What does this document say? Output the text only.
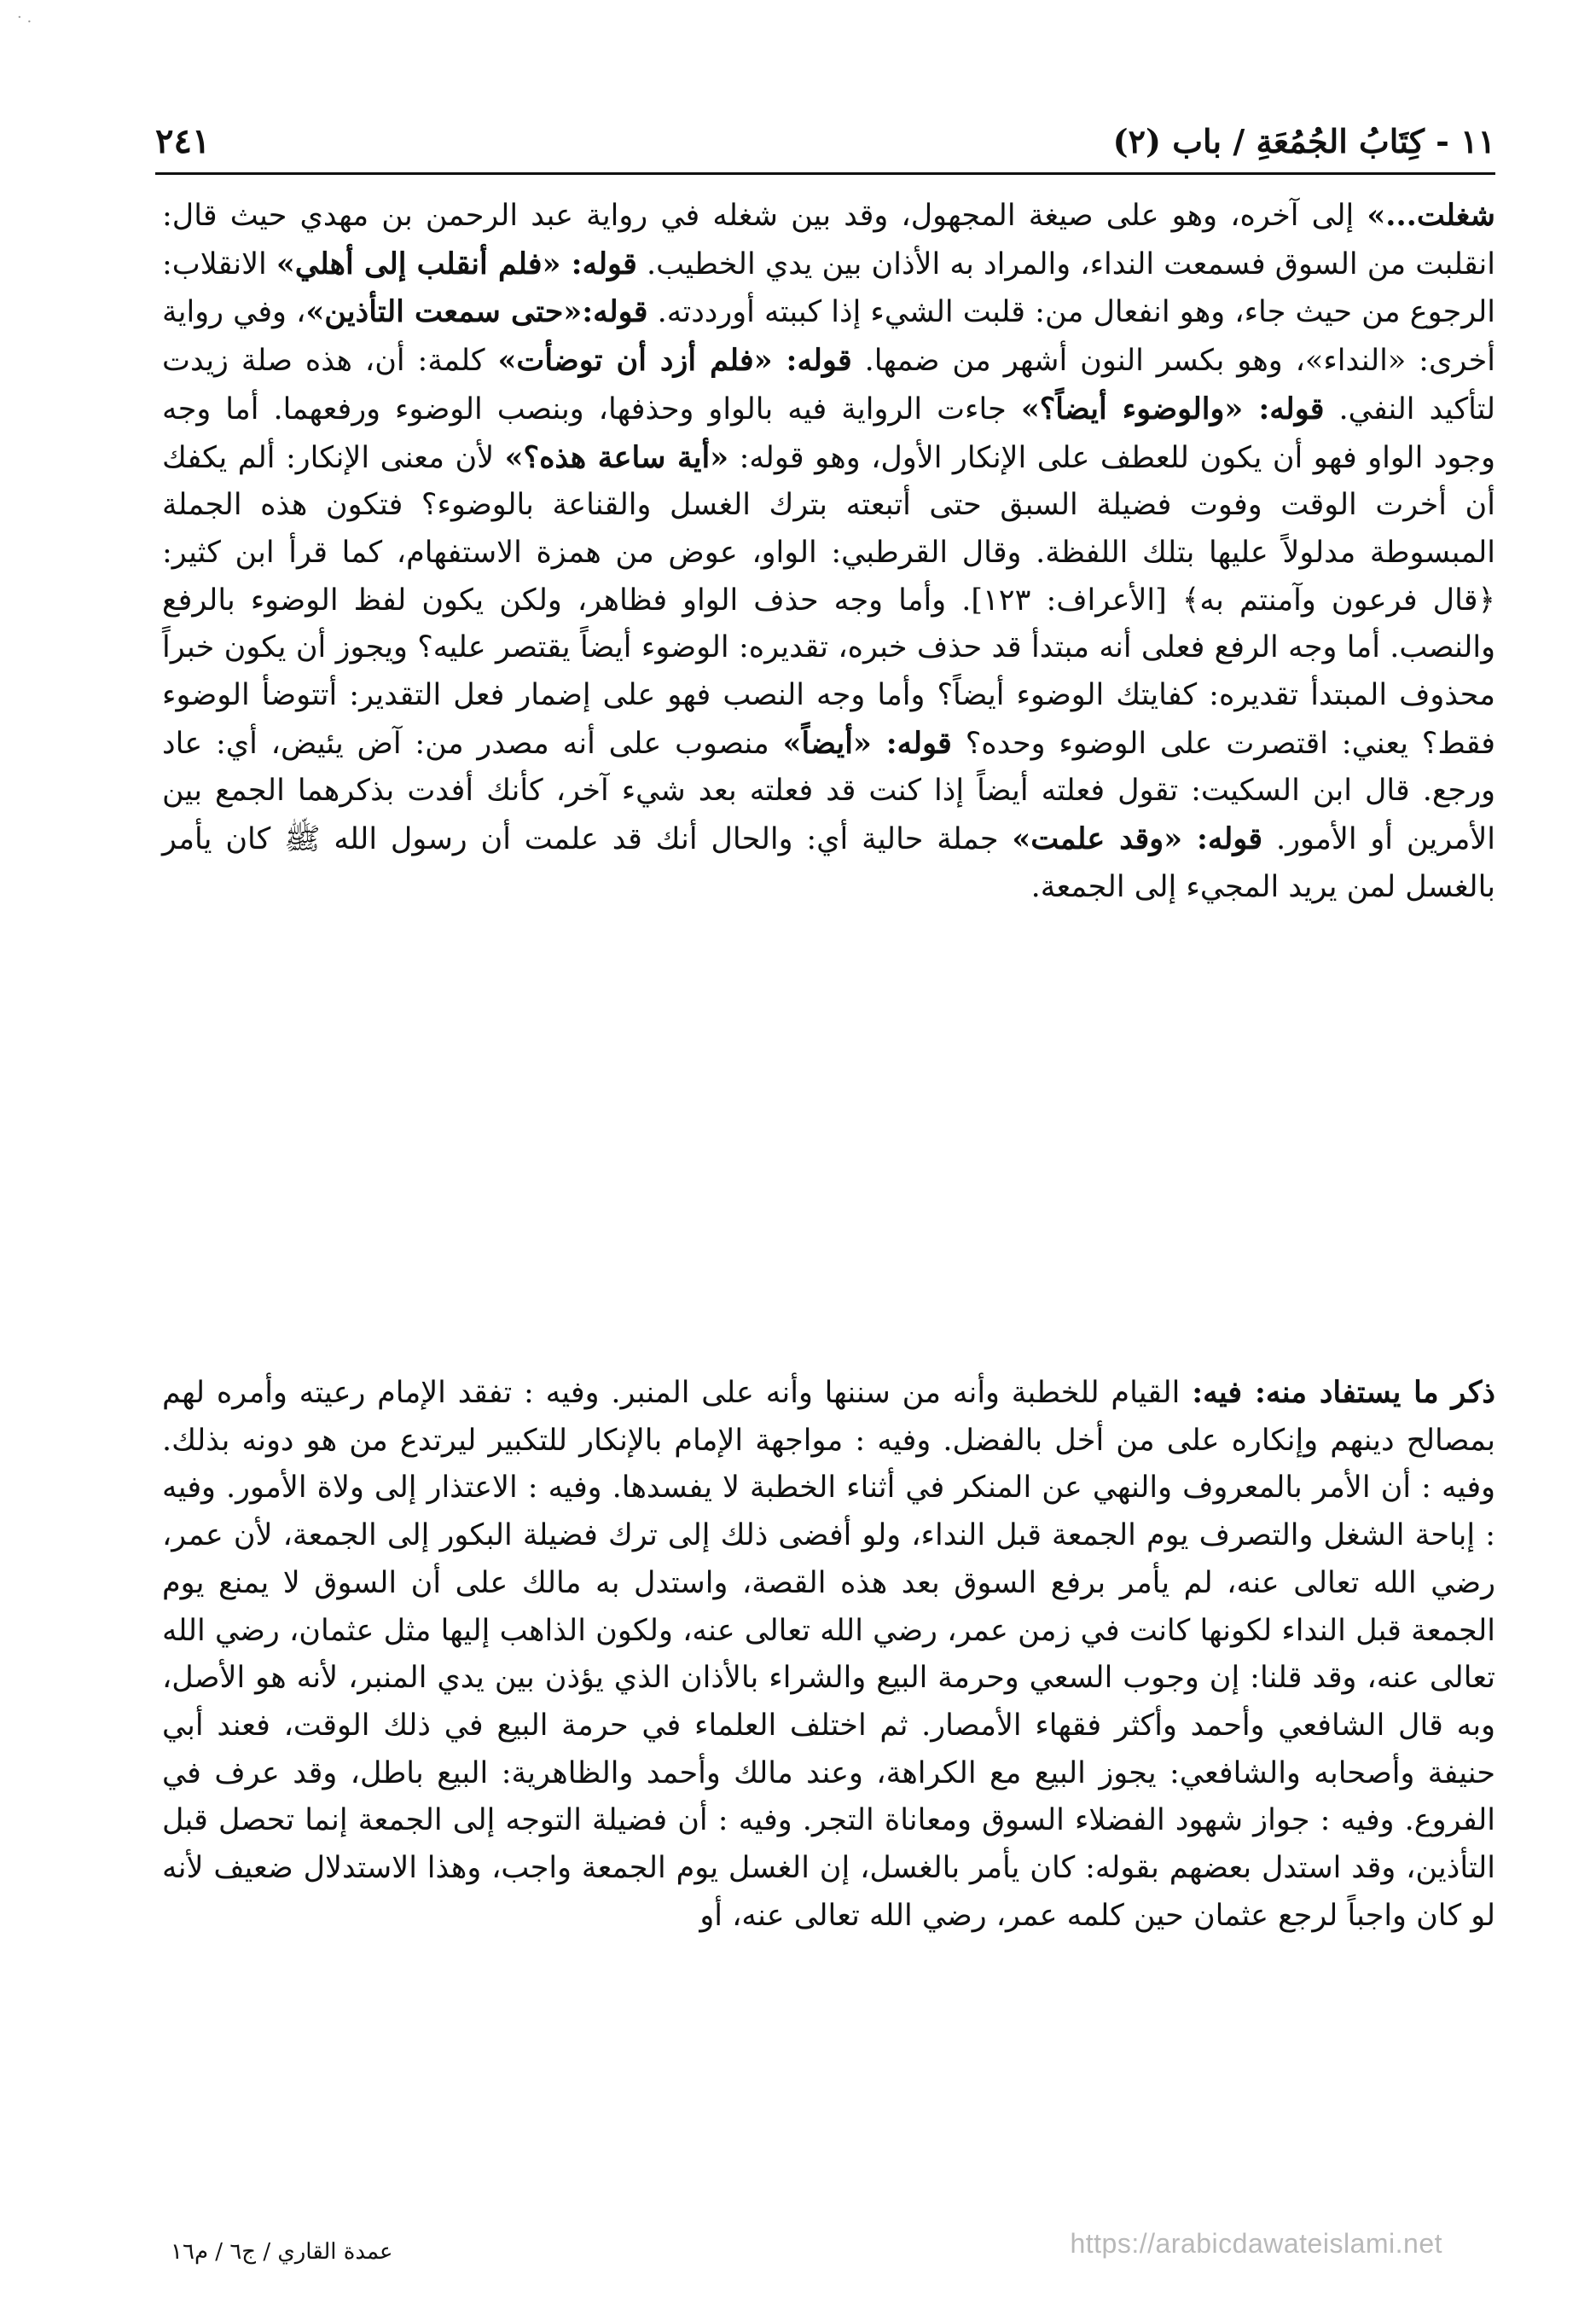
· .
١١ - كِتَابُ الجُمُعَةِ / باب (٢)
٢٤١

شغلت...» إلى آخره، وهو على صيغة المجهول، وقد بين شغله في رواية عبد الرحمن بن مهدي حيث قال: انقلبت من السوق فسمعت النداء، والمراد به الأذان بين يدي الخطيب. قوله: «فلم أنقلب إلى أهلي» الانقلاب: الرجوع من حيث جاء، وهو انفعال من: قلبت الشيء إذا كببته أورددته. قوله:«حتى سمعت التأذين»، وفي رواية أخرى: «النداء»، وهو بكسر النون أشهر من ضمها. قوله: «فلم أزد أن توضأت» كلمة: أن، هذه صلة زيدت لتأكيد النفي. قوله: «والوضوء أيضاً؟» جاءت الرواية فيه بالواو وحذفها، وبنصب الوضوء ورفعهما. أما وجه وجود الواو فهو أن يكون للعطف على الإنكار الأول، وهو قوله: «أية ساعة هذه؟» لأن معنى الإنكار: ألم يكفك أن أخرت الوقت وفوت فضيلة السبق حتى أتبعته بترك الغسل والقناعة بالوضوء؟ فتكون هذه الجملة المبسوطة مدلولاً عليها بتلك اللفظة. وقال القرطبي: الواو، عوض من همزة الاستفهام، كما قرأ ابن كثير: ﴿قال فرعون وآمنتم به﴾ [الأعراف: ١٢٣]. وأما وجه حذف الواو فظاهر، ولكن يكون لفظ الوضوء بالرفع والنصب. أما وجه الرفع فعلى أنه مبتدأ قد حذف خبره، تقديره: الوضوء أيضاً يقتصر عليه؟ ويجوز أن يكون خبراً محذوف المبتدأ تقديره: كفايتك الوضوء أيضاً؟ وأما وجه النصب فهو على إضمار فعل التقدير: أتتوضأ الوضوء فقط؟ يعني: اقتصرت على الوضوء وحده؟ قوله: «أيضاً» منصوب على أنه مصدر من: آض يئيض، أي: عاد ورجع. قال ابن السكيت: تقول فعلته أيضاً إذا كنت قد فعلته بعد شيء آخر، كأنك أفدت بذكرهما الجمع بين الأمرين أو الأمور. قوله: «وقد علمت» جملة حالية أي: والحال أنك قد علمت أن رسول الله ﷺ كان يأمر بالغسل لمن يريد المجيء إلى الجمعة.

ذكر ما يستفاد منه: فيه: القيام للخطبة وأنه من سننها وأنه على المنبر. وفيه : تفقد الإمام رعيته وأمره لهم بمصالح دينهم وإنكاره على من أخل بالفضل. وفيه : مواجهة الإمام بالإنكار للتكبير ليرتدع من هو دونه بذلك. وفيه : أن الأمر بالمعروف والنهي عن المنكر في أثناء الخطبة لا يفسدها. وفيه : الاعتذار إلى ولاة الأمور. وفيه : إباحة الشغل والتصرف يوم الجمعة قبل النداء، ولو أفضى ذلك إلى ترك فضيلة البكور إلى الجمعة، لأن عمر، رضي الله تعالى عنه، لم يأمر برفع السوق بعد هذه القصة، واستدل به مالك على أن السوق لا يمنع يوم الجمعة قبل النداء لكونها كانت في زمن عمر، رضي الله تعالى عنه، ولكون الذاهب إليها مثل عثمان، رضي الله تعالى عنه، وقد قلنا: إن وجوب السعي وحرمة البيع والشراء بالأذان الذي يؤذن بين يدي المنبر، لأنه هو الأصل، وبه قال الشافعي وأحمد وأكثر فقهاء الأمصار. ثم اختلف العلماء في حرمة البيع في ذلك الوقت، فعند أبي حنيفة وأصحابه والشافعي: يجوز البيع مع الكراهة، وعند مالك وأحمد والظاهرية: البيع باطل، وقد عرف في الفروع. وفيه : جواز شهود الفضلاء السوق ومعاناة التجر. وفيه : أن فضيلة التوجه إلى الجمعة إنما تحصل قبل التأذين، وقد استدل بعضهم بقوله: كان يأمر بالغسل، إن الغسل يوم الجمعة واجب، وهذا الاستدلال ضعيف لأنه لو كان واجباً لرجع عثمان حين كلمه عمر، رضي الله تعالى عنه، أو

عمدة القاري / ج٦ / م١٦	https://arabicdawateislami.net
